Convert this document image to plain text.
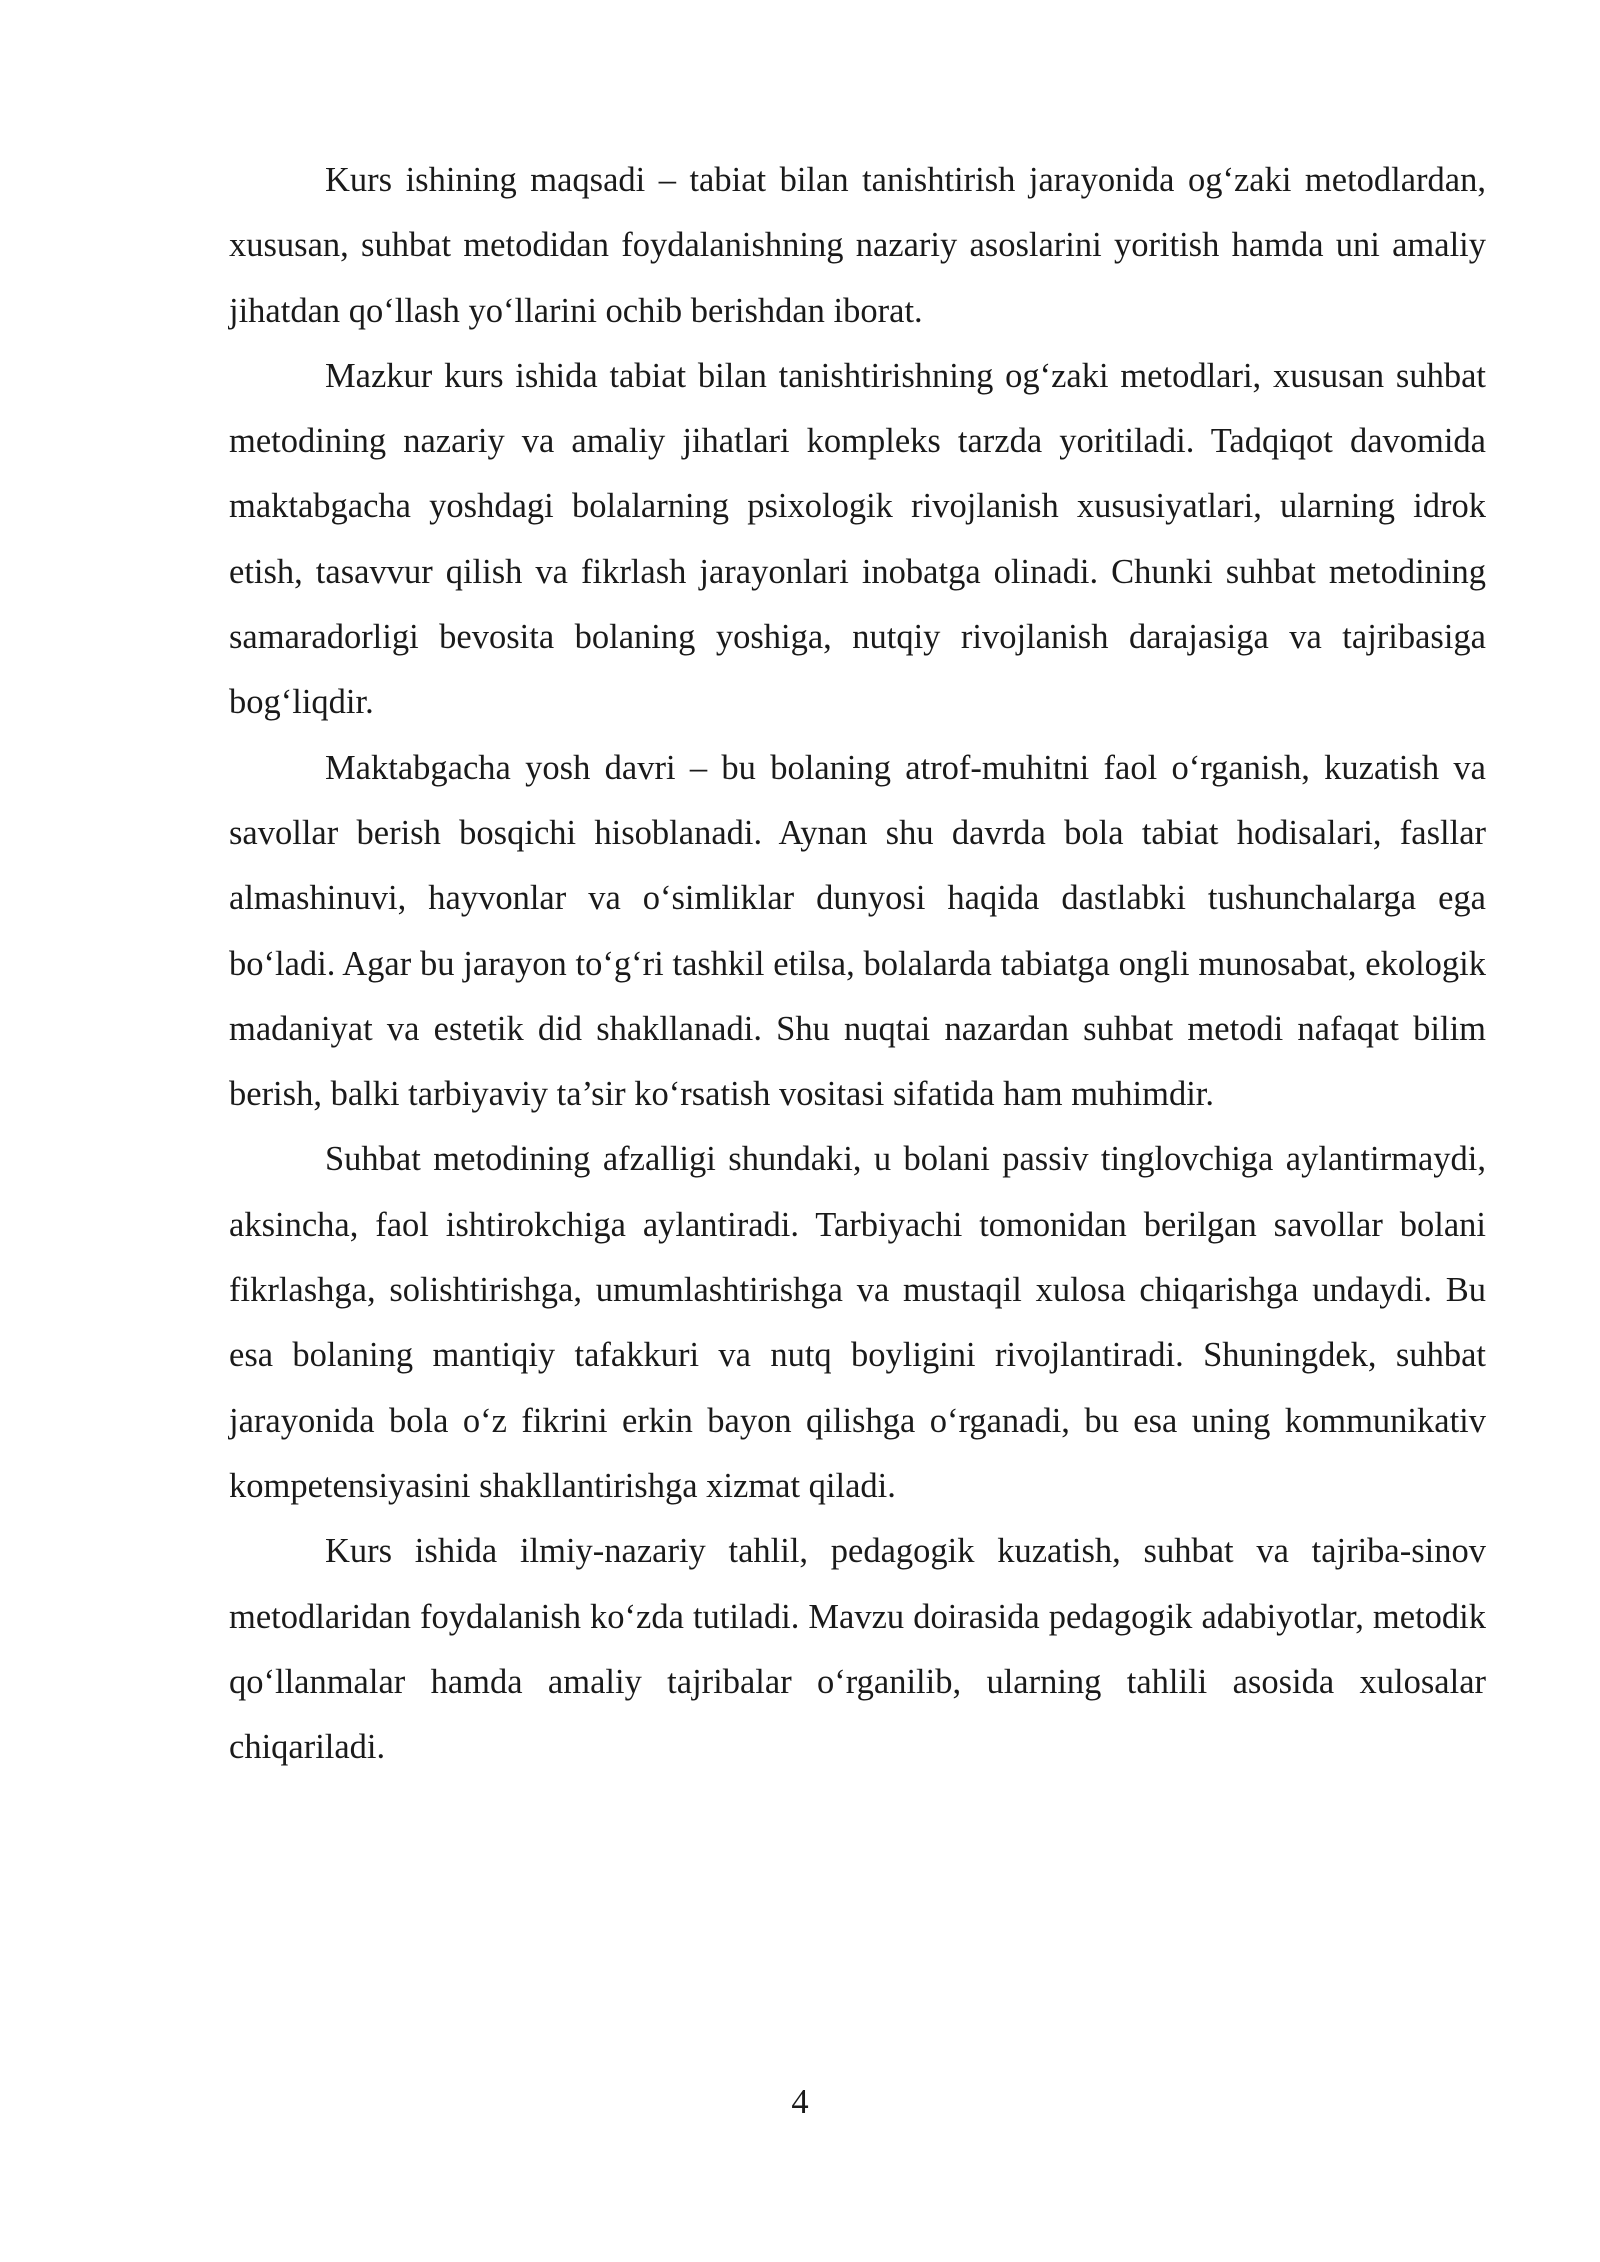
Kurs ishining maqsadi – tabiat bilan tanishtirish jarayonida og‘zaki metodlardan, xususan, suhbat metodidan foydalanishning nazariy asoslarini yoritish hamda uni amaliy jihatdan qo‘llash yo‘llarini ochib berishdan iborat.

Mazkur kurs ishida tabiat bilan tanishtirishning og‘zaki metodlari, xususan suhbat metodining nazariy va amaliy jihatlari kompleks tarzda yoritiladi. Tadqiqot davomida maktabgacha yoshdagi bolalarning psixologik rivojlanish xususiyatlari, ularning idrok etish, tasavvur qilish va fikrlash jarayonlari inobatga olinadi. Chunki suhbat metodining samaradorligi bevosita bolaning yoshiga, nutqiy rivojlanish darajasiga va tajribasiga bog‘liqdir.

Maktabgacha yosh davri – bu bolaning atrof-muhitni faol o‘rganish, kuzatish va savollar berish bosqichi hisoblanadi. Aynan shu davrda bola tabiat hodisalari, fasllar almashinuvi, hayvonlar va o‘simliklar dunyosi haqida dastlabki tushunchalarga ega bo‘ladi. Agar bu jarayon to‘g‘ri tashkil etilsa, bolalarda tabiatga ongli munosabat, ekologik madaniyat va estetik did shakllanadi. Shu nuqtai nazardan suhbat metodi nafaqat bilim berish, balki tarbiyaviy ta’sir ko‘rsatish vositasi sifatida ham muhimdir.

Suhbat metodining afzalligi shundaki, u bolani passiv tinglovchiga aylantirmaydi, aksincha, faol ishtirokchiga aylantiradi. Tarbiyachi tomonidan berilgan savollar bolani fikrlashga, solishtirishga, umumlashtirishga va mustaqil xulosa chiqarishga undaydi. Bu esa bolaning mantiqiy tafakkuri va nutq boyligini rivojlantiradi. Shuningdek, suhbat jarayonida bola o‘z fikrini erkin bayon qilishga o‘rganadi, bu esa uning kommunikativ kompetensiyasini shakllantirishga xizmat qiladi.

Kurs ishida ilmiy-nazariy tahlil, pedagogik kuzatish, suhbat va tajriba-sinov metodlaridan foydalanish ko‘zda tutiladi. Mavzu doirasida pedagogik adabiyotlar, metodik qo‘llanmalar hamda amaliy tajribalar o‘rganilib, ularning tahlili asosida xulosalar chiqariladi.

4
